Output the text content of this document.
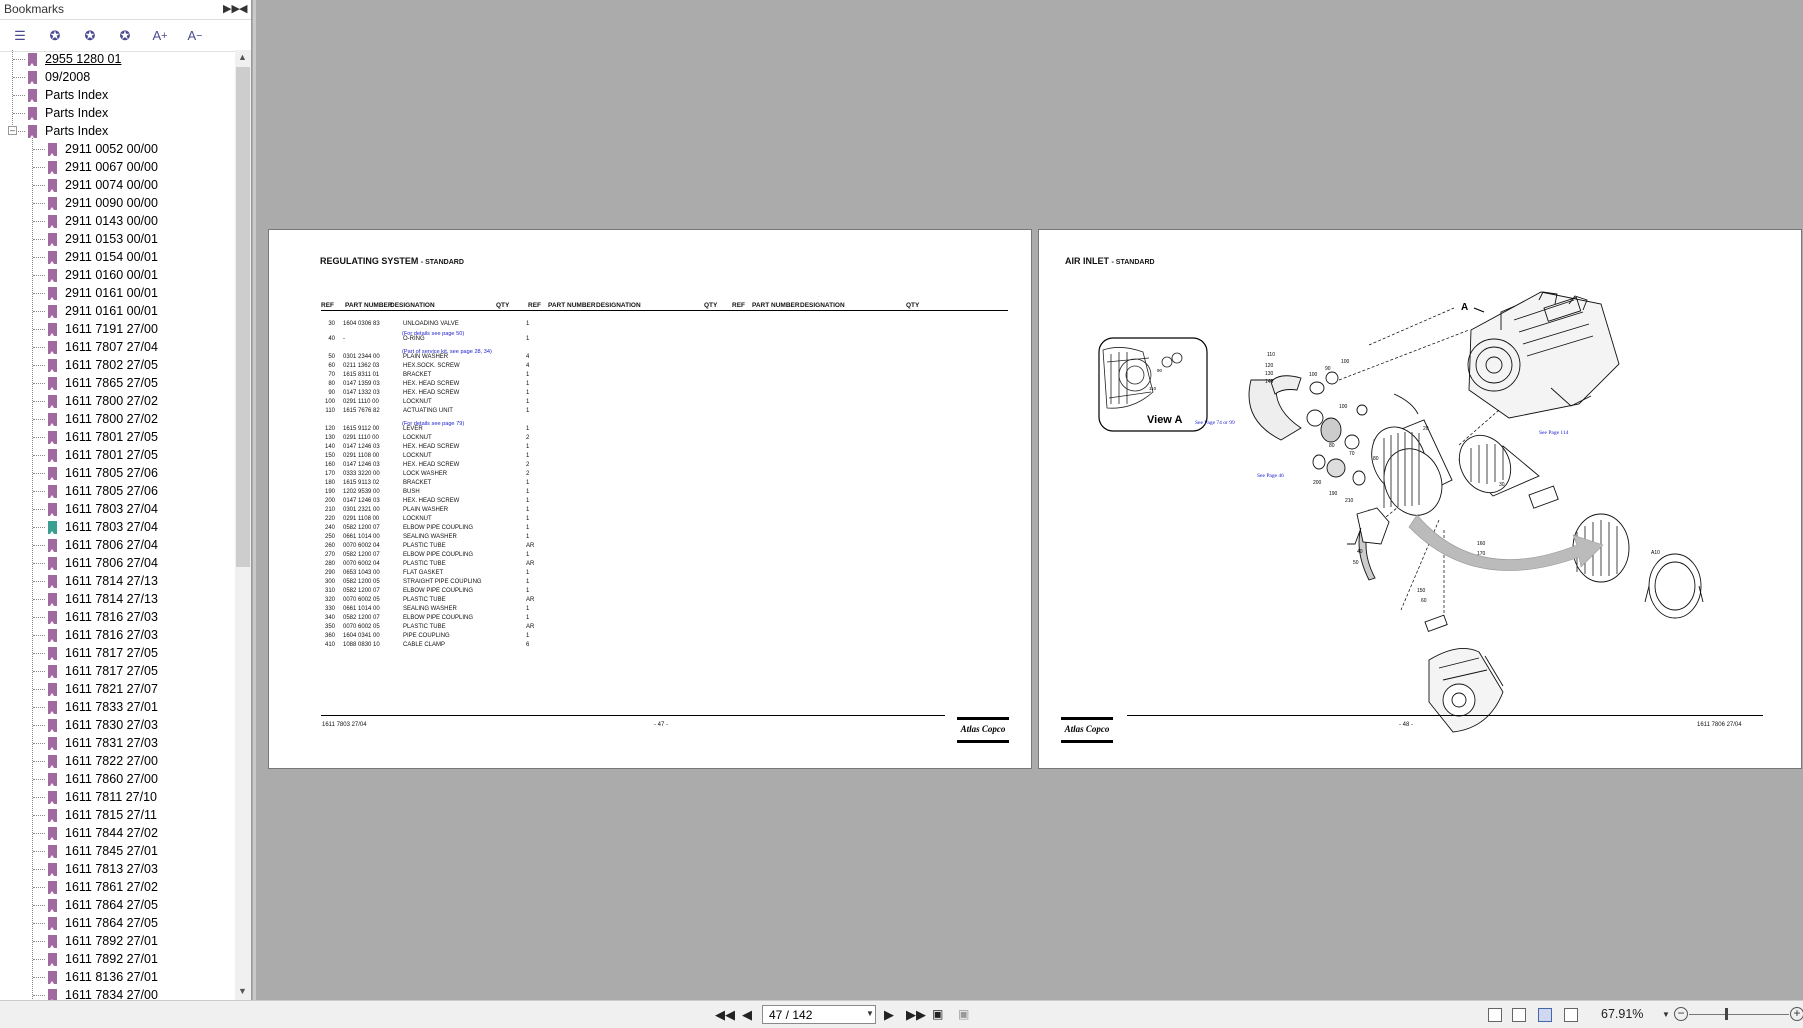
Bookmarks	▶▶ ◀
☰	✪	✪	✪	A +	A −
2955 1280 01
09/2008
Parts Index
Parts Index
Parts Index
2911 0052 00/00
2911 0067 00/00
2911 0074 00/00
2911 0090 00/00
2911 0143 00/00
2911 0153 00/01
2911 0154 00/01
2911 0160 00/01
2911 0161 00/01
2911 0161 00/01
1611 7191 27/00
1611 7807 27/04
1611 7802 27/05
1611 7865 27/05
1611 7800 27/02
1611 7800 27/02
1611 7801 27/05
1611 7801 27/05
1611 7805 27/06
1611 7805 27/06
1611 7803 27/04
1611 7803 27/04
1611 7806 27/04
1611 7806 27/04
1611 7814 27/13
1611 7814 27/13
1611 7816 27/03
1611 7816 27/03
1611 7817 27/05
1611 7817 27/05
1611 7821 27/07
1611 7833 27/01
1611 7830 27/03
1611 7831 27/03
1611 7822 27/00
1611 7860 27/00
1611 7811 27/10
1611 7815 27/11
1611 7844 27/02
1611 7845 27/01
1611 7813 27/03
1611 7861 27/02
1611 7864 27/05
1611 7864 27/05
1611 7892 27/01
1611 7892 27/01
1611 8136 27/01
1611 7834 27/00
–
▲
▼
REGULATING SYSTEM - STANDARD
REF PART NUMBER
DESIGNATION	QTY	REF PART NUMBER DESIGNATION	QTY REF PART NUMBER DESIGNATION	QTY
30 1604 0306 83	UNLOADING VALVE	1
40 -	O-RING	1
50 0301 2344 00	PLAIN WASHER	4
60 0211 1362 03	HEX.SOCK. SCREW	4
70 1615 8311 01	BRACKET	1
80 0147 1359 03	HEX. HEAD SCREW	1
90 0147 1332 03	HEX. HEAD SCREW	1
100 0291 1110 00	LOCKNUT	1
110 1615 7676 82	ACTUATING UNIT	1
120 1615 9112 00	LEVER	1
130 0291 1110 00	LOCKNUT	2
140 0147 1246 03	HEX. HEAD SCREW	1
150 0291 1108 00	LOCKNUT	1
160 0147 1246 03	HEX. HEAD SCREW	2
170 0333 3220 00	LOCK WASHER	2
180 1615 9113 02	BRACKET	1
190 1202 9539 00	BUSH	1
200 0147 1246 03	HEX. HEAD SCREW	1
210 0301 2321 00	PLAIN WASHER	1
220 0291 1108 00	LOCKNUT	1
240 0582 1200 07	ELBOW PIPE COUPLING	1
250 0661 1014 00	SEALING WASHER	1
260 0070 6002 04	PLASTIC TUBE	AR
270 0582 1200 07	ELBOW PIPE COUPLING	1
280 0070 6002 04	PLASTIC TUBE	AR
290 0653 1043 00	FLAT GASKET	1
300 0582 1200 05	STRAIGHT PIPE COUPLING	1
310 0582 1200 07	ELBOW PIPE COUPLING	1
320 0070 6002 05	PLASTIC TUBE	AR
330 0661 1014 00	SEALING WASHER	1
340 0582 1200 07	ELBOW PIPE COUPLING	1
350 0070 6002 05	PLASTIC TUBE	AR
360 1604 0341 00	PIPE COUPLING	1
410 1088 0830 10	CABLE CLAMP	6
(For details see page 50)
(Part of service kit, see page 28, 34)
(For details see page 79)
1611 7803 27/04	- 47 -	Atlas Copco
AIR INLET - STANDARD
110
90
View A
A
110
120
130
140
100
90
100
100
80
70
80
20
30
200
190
210
40
50
160
170
150
60
A10
See Page 74 or 99
See Page 114
See Page 46
Atlas Copco	- 48 -	1611 7806 27/04
◀◀ ◀
47 / 142	▼ ▶ ▶▶ ▣ ▣	67.91% ▼ −	+
